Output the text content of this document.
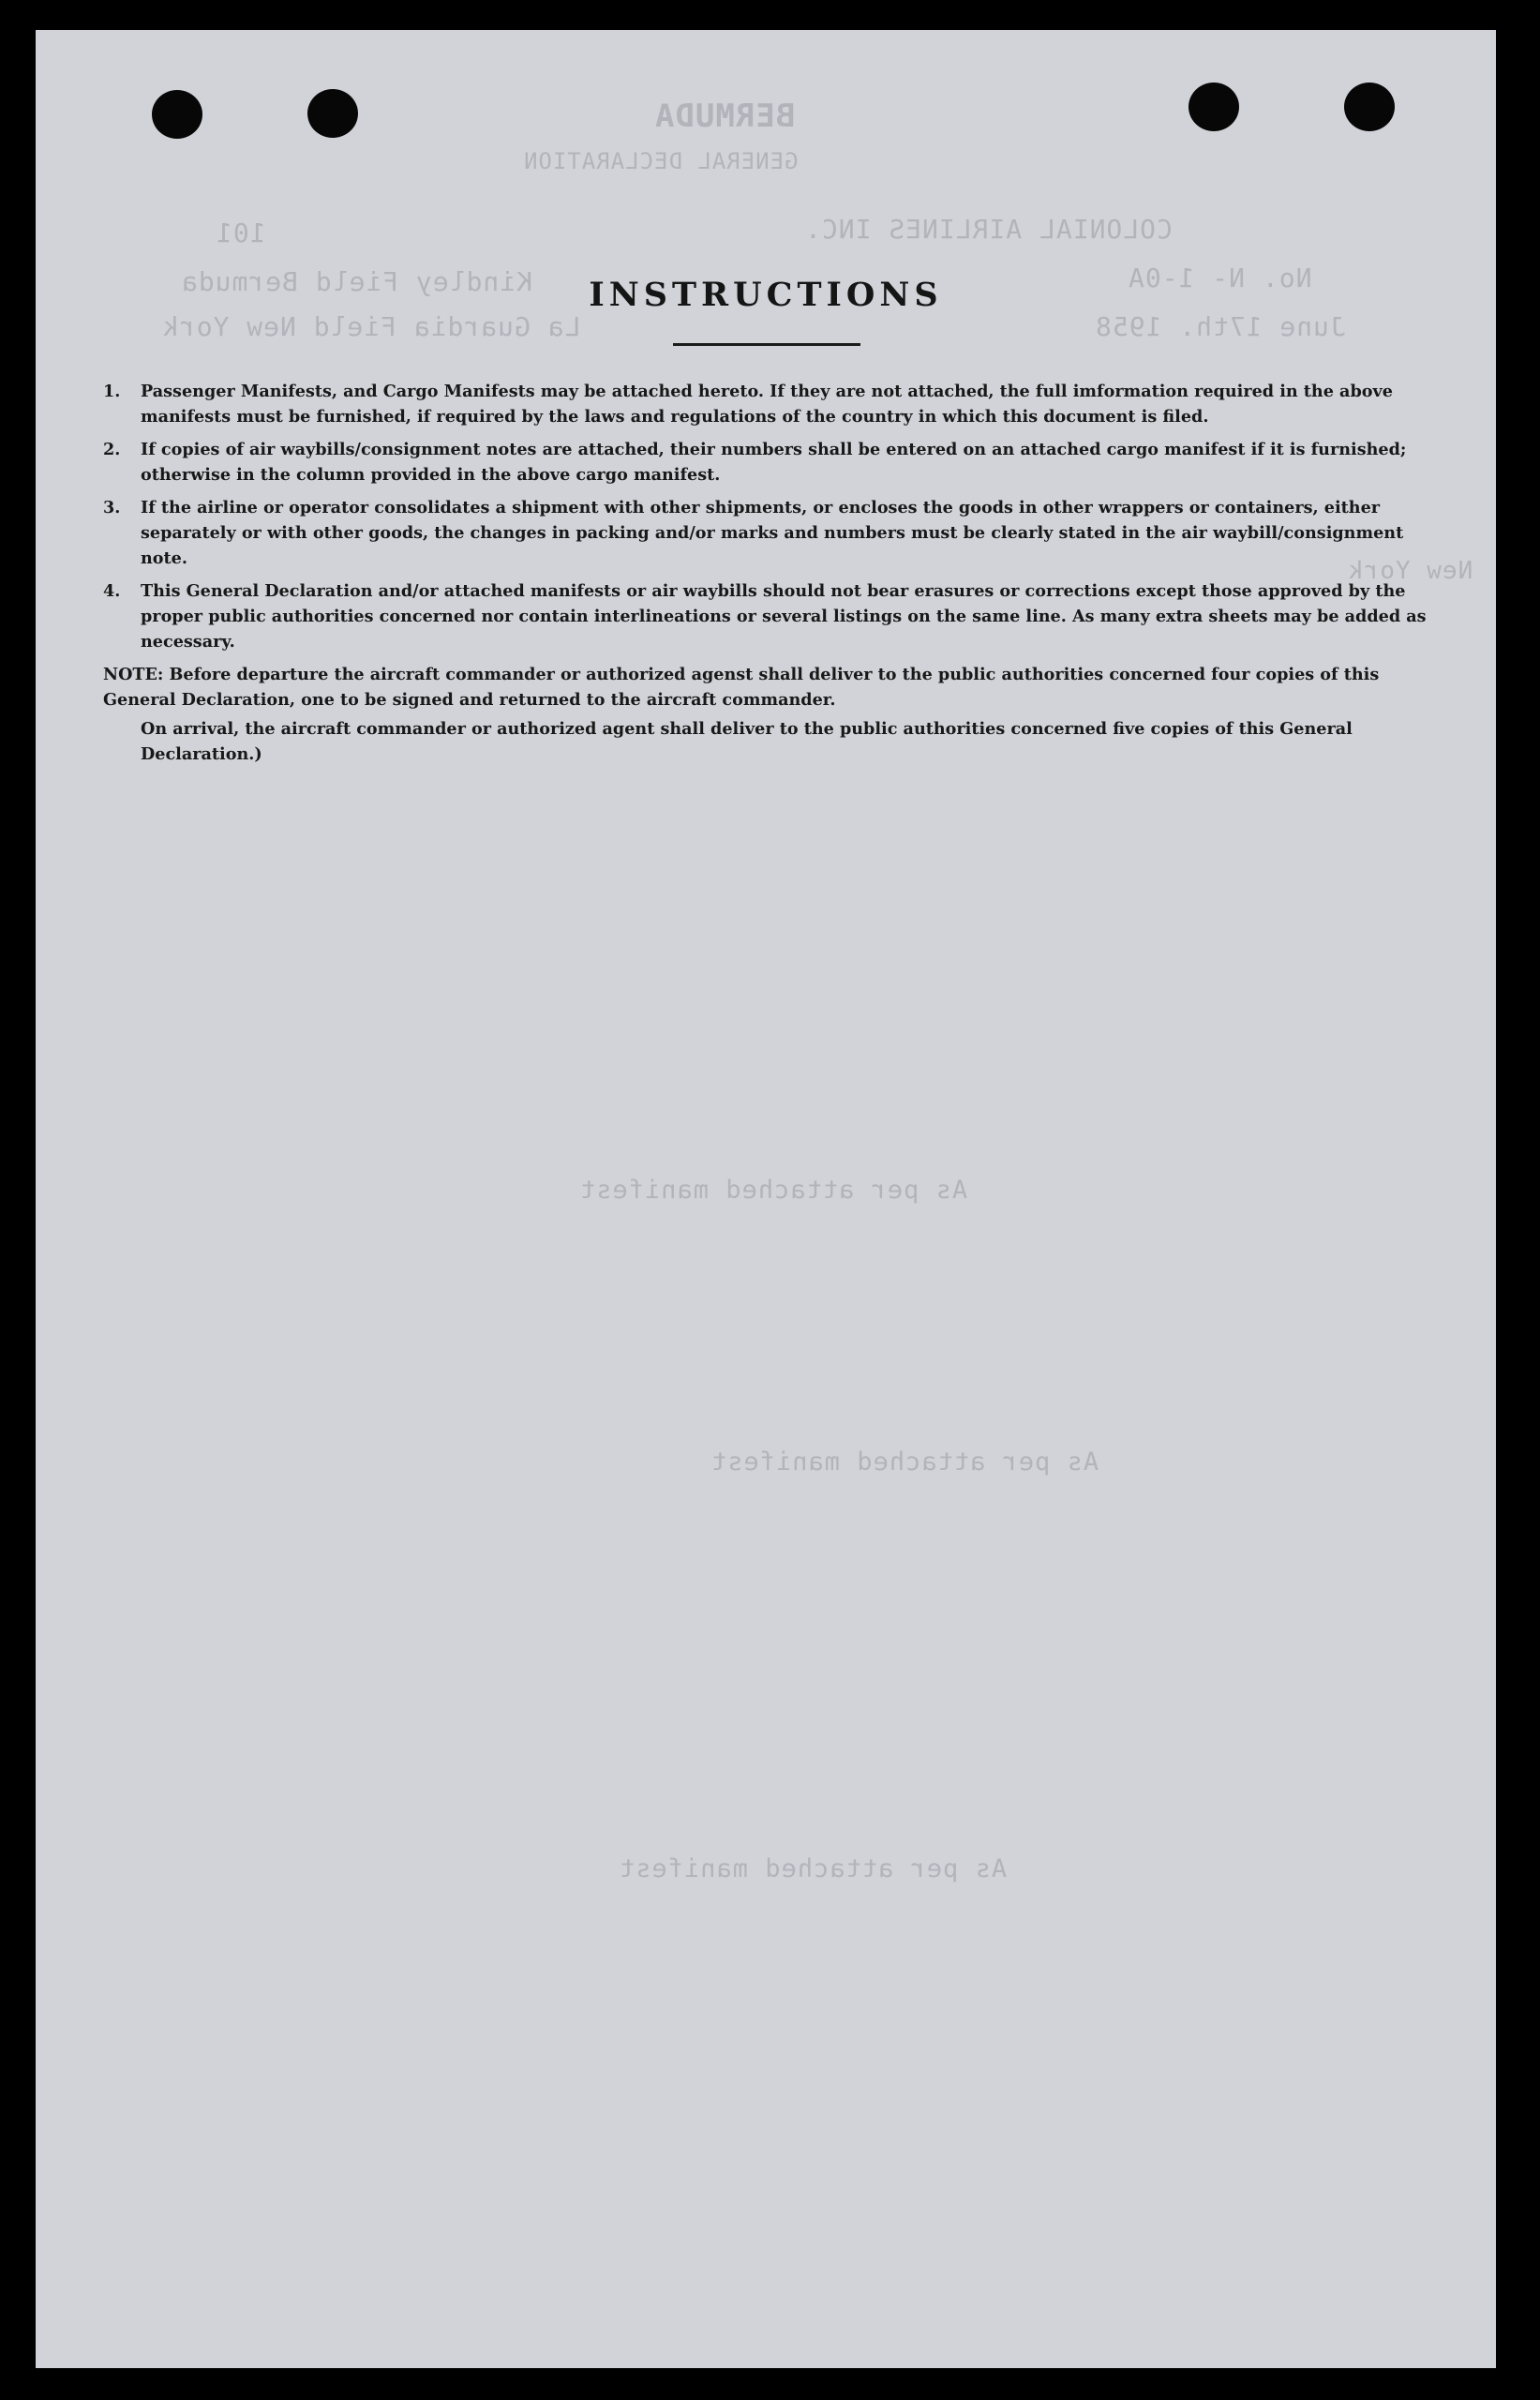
BERMUDA
GENERAL DECLARATION
COLONIAL AIRLINES INC.
101
No. N- 1-0A
Kindley Field Bermuda
June 17th. 1958
La Guardia Field New York
New York
As per attached manifest
As per attached manifest
As per attached manifest
INSTRUCTIONS
1. Passenger Manifests, and Cargo Manifests may be attached hereto. If they are not attached, the full imformation required in the above manifests must be furnished, if required by the laws and regulations of the country in which this document is filed.
2. If copies of air waybills/consignment notes are attached, their numbers shall be entered on an attached cargo manifest if it is furnished; otherwise in the column provided in the above cargo manifest.
3. If the airline or operator consolidates a shipment with other shipments, or encloses the goods in other wrappers or containers, either separately or with other goods, the changes in packing and/or marks and numbers must be clearly stated in the air waybill/consignment note.
4. This General Declaration and/or attached manifests or air waybills should not bear erasures or corrections except those approved by the proper public authorities concerned nor contain interlineations or several listings on the same line. As many extra sheets may be added as necessary.
NOTE: Before departure the aircraft commander or authorized agenst shall deliver to the public authorities concerned four copies of this General Declaration, one to be signed and returned to the aircraft commander.
On arrival, the aircraft commander or authorized agent shall deliver to the public authorities concerned five copies of this General Declaration.)
